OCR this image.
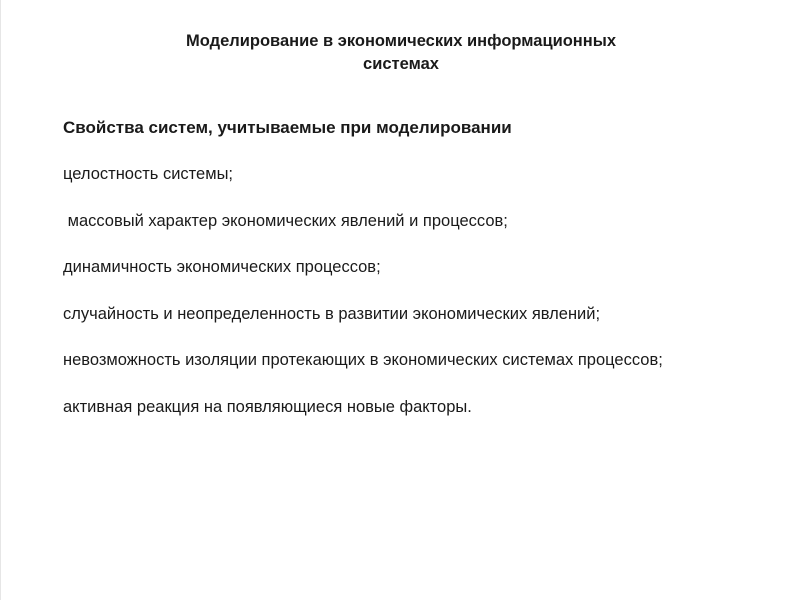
Моделирование в экономических информационных
системах

Свойства систем, учитываемые при моделировании

целостность системы;
массовый характер экономических явлений и процессов;
динамичность экономических процессов;
случайность и неопределенность в развитии экономических явлений;
невозможность изоляции протекающих в экономических системах процессов;
активная реакция на появляющиеся новые факторы.
